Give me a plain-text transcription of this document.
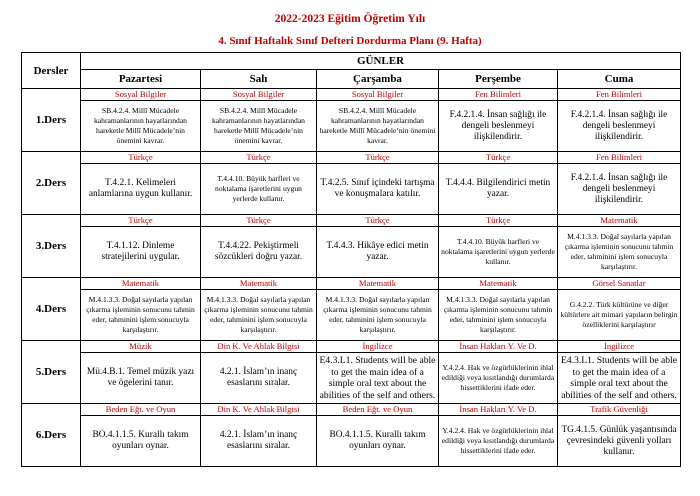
2022-2023 Eğitim Öğretim Yılı
4. Sınıf Haftalık Sınıf Defteri Dordurma Planı (9. Hafta)
Dersler	GÜNLER				
	Pazartesi	Salı	Çarşamba	Perşembe	Cuma
1.Ders	Sosyal Bilgiler	Sosyal Bilgiler	Sosyal Bilgiler	Fen Bilimleri	Fen Bilimleri
	SB.4.2.4. Millî Mücadele kahramanlarının hayatlarından hareketle Millî Mücadele’nin önemini kavrar.	SB.4.2.4. Millî Mücadele kahramanlarının hayatlarından hareketle Millî Mücadele’nin önemini kavrar.	SB.4.2.4. Millî Mücadele kahramanlarının hayatlarından hareketle Millî Mücadele’nin önemini kavrar.	F.4.2.1.4. İnsan sağlığı ile dengeli beslenmeyi ilişkilendirir.	F.4.2.1.4. İnsan sağlığı ile dengeli beslenmeyi ilişkilendirir.
2.Ders	Türkçe	Türkçe	Türkçe	Türkçe	Fen Bilimleri
	T.4.2.1. Kelimeleri anlamlarına uygun kullanır.	T.4.4.10. Büyük harfleri ve noktalama işaretlerini uygun yerlerde kullanır.	T.4.2.5. Sınıf içindeki tartışma ve konuşmalara katılır.	T.4.4.4. Bilgilendirici metin yazar.	F.4.2.1.4. İnsan sağlığı ile dengeli beslenmeyi ilişkilendirir.
3.Ders	Türkçe	Türkçe	Türkçe	Türkçe	Matematik
	T.4.1.12. Dinleme stratejilerini uygular.	T.4.4.22. Pekiştirmeli sözcükleri doğru yazar.	T.4.4.3. Hikâye edici metin yazar.	T.4.4.10. Büyük harfleri ve noktalama işaretlerini uygun yerlerde kullanır.	M.4.1.3.3. Doğal sayılarla yapılan çıkarma işleminin sonucunu tahmin eder, tahminini işlem sonucuyla karşılaştırır.
4.Ders	Matematik	Matematik	Matematik	Matematik	Görsel Sanatlar
	M.4.1.3.3. Doğal sayılarla yapılan çıkarma işleminin sonucunu tahmin eder, tahminini işlem sonucuyla karşılaştırır.	M.4.1.3.3. Doğal sayılarla yapılan çıkarma işleminin sonucunu tahmin eder, tahminini işlem sonucuyla karşılaştırır.	M.4.1.3.3. Doğal sayılarla yapılan çıkarma işleminin sonucunu tahmin eder, tahminini işlem sonucuyla karşılaştırır.	M.4.1.3.3. Doğal sayılarla yapılan çıkarma işleminin sonucunu tahmin eder, tahminini işlem sonucuyla karşılaştırır.	G.4.2.2. Türk kültürüne ve diğer kültürlere ait mimari yapıların belirgin özelliklerini karşılaştırır
5.Ders	Müzik	Din K. Ve Ahlak Bilgisi	İngilizce	İnsan Hakları Y. Ve D.	İngilizce
	Mü.4.B.1. Temel müzik yazı ve ögelerini tanır.	4.2.1. İslam’ın inanç esaslarını sıralar.	E4.3.L1. Students will be able to get the main idea of a simple oral text about the abilities of the self and others.	Y.4.2.4. Hak ve özgürlüklerinin ihlal edildiği veya kısıtlandığı durumlarda hissettiklerini ifade eder.	E4.3.L1. Students will be able to get the main idea of a simple oral text about the abilities of the self and others.
6.Ders	Beden Eğt. ve Oyun	Din K. Ve Ahlak Bilgisi	Beden Eğt. ve Oyun	İnsan Hakları Y. Ve D.	Trafik Güvenliği
	BO.4.1.1.5. Kurallı takım oyunları oynar.	4.2.1. İslam’ın inanç esaslarını sıralar.	BO.4.1.1.5. Kurallı takım oyunları oynar.	Y.4.2.4. Hak ve özgürlüklerinin ihlal edildiği veya kısıtlandığı durumlarda hissettiklerini ifade eder.	TG.4.1.5. Günlük yaşantısında çevresindeki güvenli yolları kullanır.
